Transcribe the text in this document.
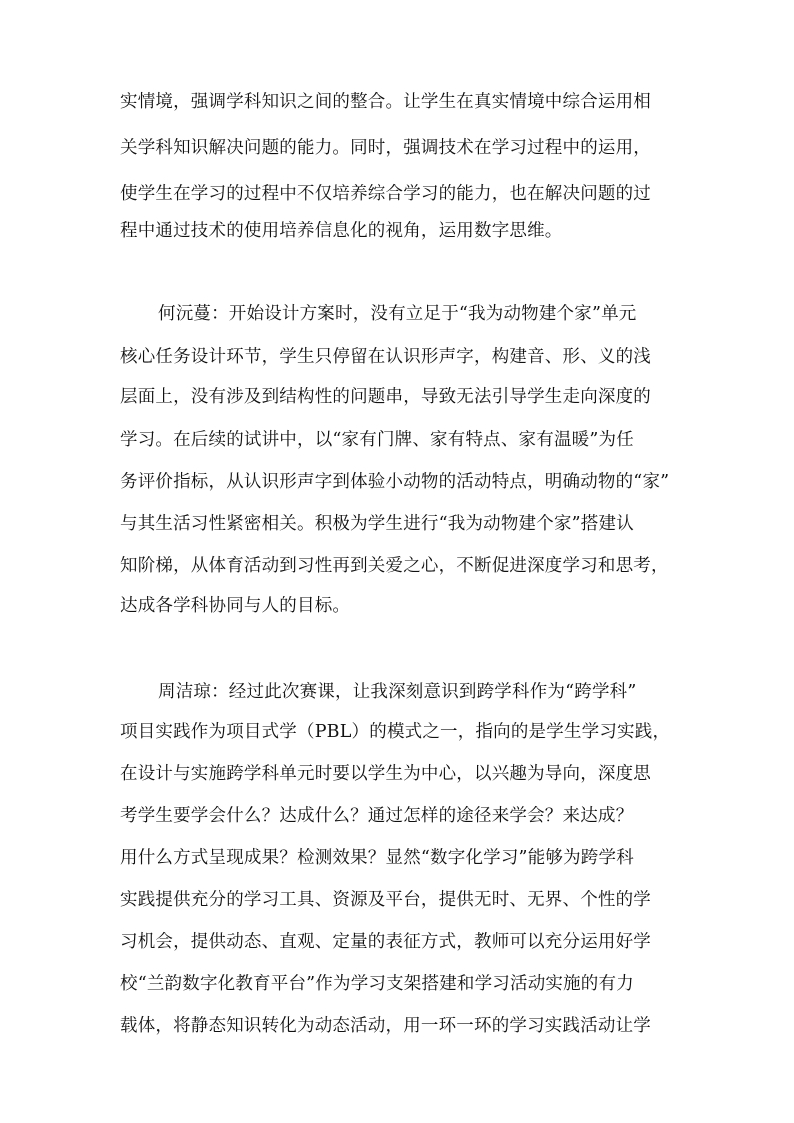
实情境，强调学科知识之间的整合。让学生在真实情境中综合运用相
关学科知识解决问题的能力。同时，强调技术在学习过程中的运用，
使学生在学习的过程中不仅培养综合学习的能力，也在解决问题的过
程中通过技术的使用培养信息化的视角，运用数字思维。
何沅蔓：开始设计方案时，没有立足于“我为动物建个家”单元
核心任务设计环节，学生只停留在认识形声字，构建音、形、义的浅
层面上，没有涉及到结构性的问题串，导致无法引导学生走向深度的
学习。在后续的试讲中，以“家有门牌、家有特点、家有温暖”为任
务评价指标，从认识形声字到体验小动物的活动特点，明确动物的“家”
与其生活习性紧密相关。积极为学生进行“我为动物建个家”搭建认
知阶梯，从体育活动到习性再到关爱之心，不断促进深度学习和思考，
达成各学科协同与人的目标。
周洁琼：经过此次赛课，让我深刻意识到跨学科作为“跨学科”
项目实践作为项目式学（PBL）的模式之一，指向的是学生学习实践，
在设计与实施跨学科单元时要以学生为中心，以兴趣为导向，深度思
考学生要学会什么？达成什么？通过怎样的途径来学会？来达成？
用什么方式呈现成果？检测效果？显然“数字化学习”能够为跨学科
实践提供充分的学习工具、资源及平台，提供无时、无界、个性的学
习机会，提供动态、直观、定量的表征方式，教师可以充分运用好学
校“兰韵数字化教育平台”作为学习支架搭建和学习活动实施的有力
载体，将静态知识转化为动态活动，用一环一环的学习实践活动让学
